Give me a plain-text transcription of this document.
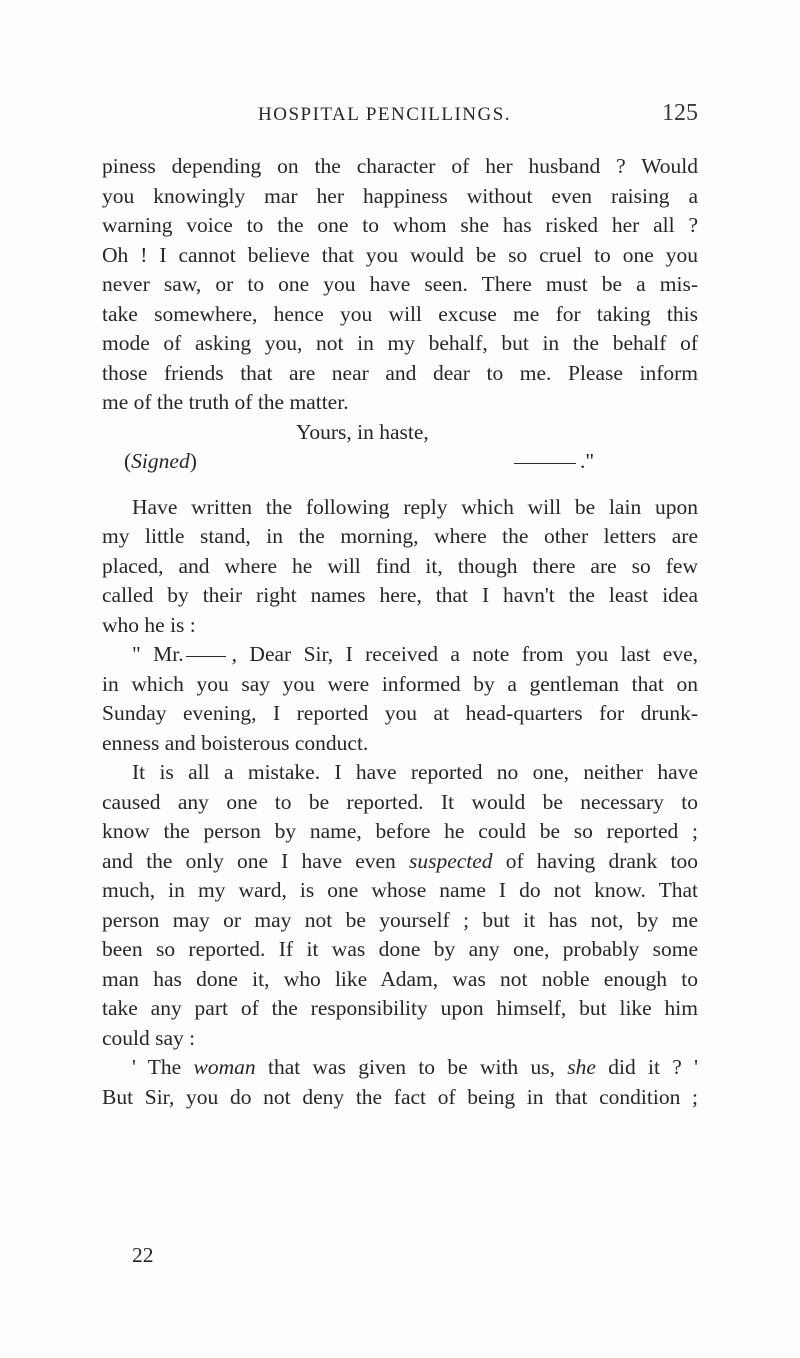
HOSPITAL PENCILLINGS.	125
piness depending on the character of her husband ? Would
you knowingly mar her happiness without even raising a
warning voice to the one to whom she has risked her all ?
Oh ! I cannot believe that you would be so cruel to one you
never saw, or to one you have seen. There must be a mis-
take somewhere, hence you will excuse me for taking this
mode of asking you, not in my behalf, but in the behalf of
those friends that are near and dear to me. Please inform
me of the truth of the matter.
Yours, in haste,
(Signed)	."
Have written the following reply which will be lain upon
my little stand, in the morning, where the other letters are
placed, and where he will find it, though there are so few
called by their right names here, that I havn't the least idea
who he is :
" Mr. , Dear Sir, I received a note from you last eve,
in which you say you were informed by a gentleman that on
Sunday evening, I reported you at head-quarters for drunk-
enness and boisterous conduct.
It is all a mistake. I have reported no one, neither have
caused any one to be reported. It would be necessary to
know the person by name, before he could be so reported ;
and the only one I have even suspected of having drank too
much, in my ward, is one whose name I do not know. That
person may or may not be yourself ; but it has not, by me
been so reported. If it was done by any one, probably some
man has done it, who like Adam, was not noble enough to
take any part of the responsibility upon himself, but like him
could say :
' The woman that was given to be with us, she did it ? '
But Sir, you do not deny the fact of being in that condition ;
22
